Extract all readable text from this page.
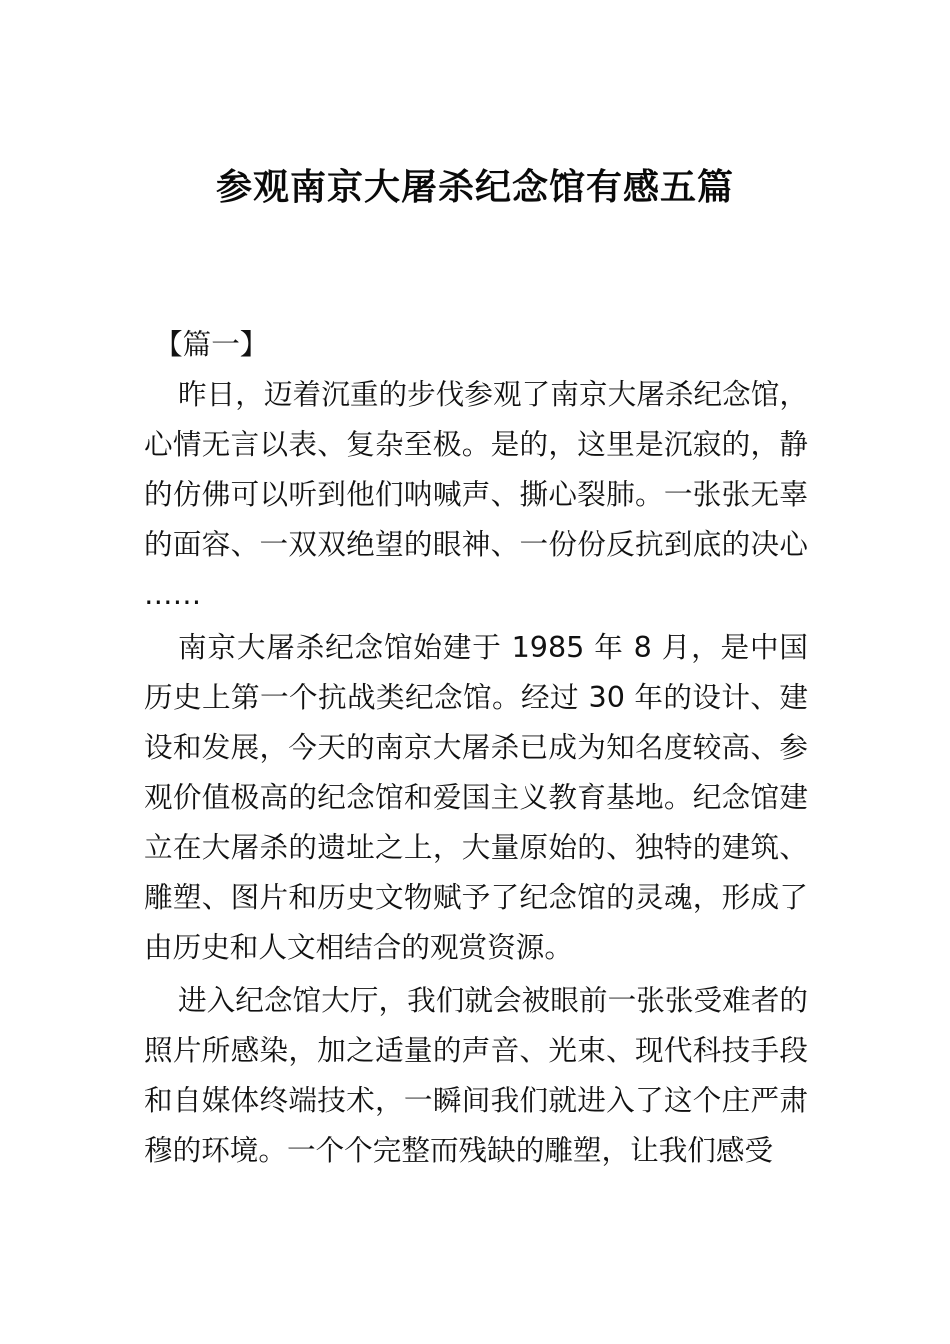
参观南京大屠杀纪念馆有感五篇

【篇一】

昨日，迈着沉重的步伐参观了南京大屠杀纪念馆，心情无言以表、复杂至极。是的，这里是沉寂的，静的仿佛可以听到他们呐喊声、撕心裂肺。一张张无辜的面容、一双双绝望的眼神、一份份反抗到底的决心……

南京大屠杀纪念馆始建于 1985 年 8 月，是中国历史上第一个抗战类纪念馆。经过 30 年的设计、建设和发展，今天的南京大屠杀已成为知名度较高、参观价值极高的纪念馆和爱国主义教育基地。纪念馆建立在大屠杀的遗址之上，大量原始的、独特的建筑、雕塑、图片和历史文物赋予了纪念馆的灵魂，形成了由历史和人文相结合的观赏资源。

进入纪念馆大厅，我们就会被眼前一张张受难者的照片所感染，加之适量的声音、光束、现代科技手段和自媒体终端技术，一瞬间我们就进入了这个庄严肃穆的环境。一个个完整而残缺的雕塑，让我们感受
